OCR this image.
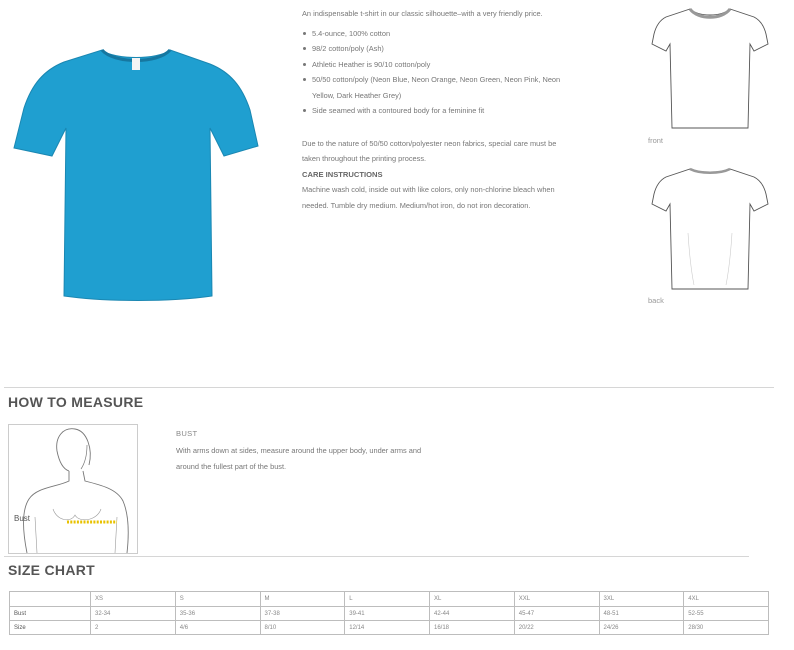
An indispensable t-shirt in our classic silhouette–with a very friendly price.

5.4-ounce, 100% cotton
98/2 cotton/poly (Ash)
Athletic Heather is 90/10 cotton/poly
50/50 cotton/poly (Neon Blue, Neon Orange, Neon Green, Neon Pink, Neon Yellow, Dark Heather Grey)
Side seamed with a contoured body for a feminine fit

Due to the nature of 50/50 cotton/polyester neon fabrics, special care must be taken throughout the printing process.

CARE INSTRUCTIONS

Machine wash cold, inside out with like colors, only non-chlorine bleach when needed. Tumble dry medium. Medium/hot iron, do not iron decoration.

front
back
HOW TO MEASURE
Bust
BUST
With arms down at sides, measure around the upper body, under arms and around the fullest part of the bust.
SIZE CHART
	XS	S	M	L	XL	XXL	3XL	4XL
Bust	32-34	35-36	37-38	39-41	42-44	45-47	48-51	52-55
Size	2	4/6	8/10	12/14	16/18	20/22	24/26	28/30
